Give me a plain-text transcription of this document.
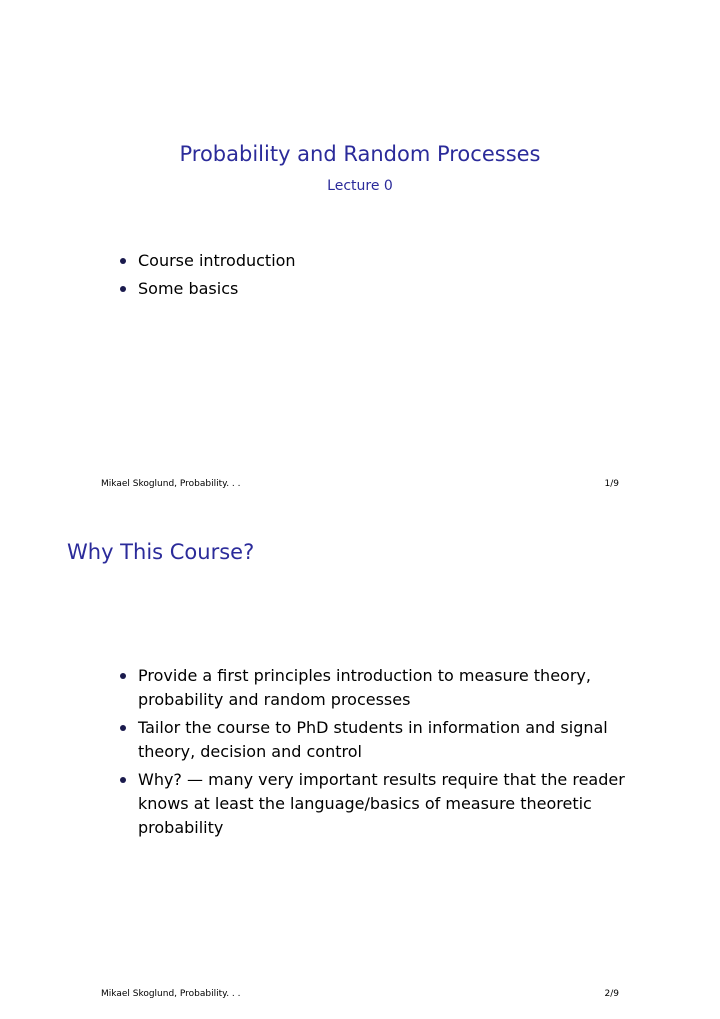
Probability and Random Processes
Lecture 0
Course introduction
Some basics
Mikael Skoglund, Probability. . .	1/9
Why This Course?
Provide a first principles introduction to measure theory, probability and random processes
Tailor the course to PhD students in information and signal theory, decision and control
Why? — many very important results require that the reader knows at least the language/basics of measure theoretic probability
Mikael Skoglund, Probability. . .	2/9
